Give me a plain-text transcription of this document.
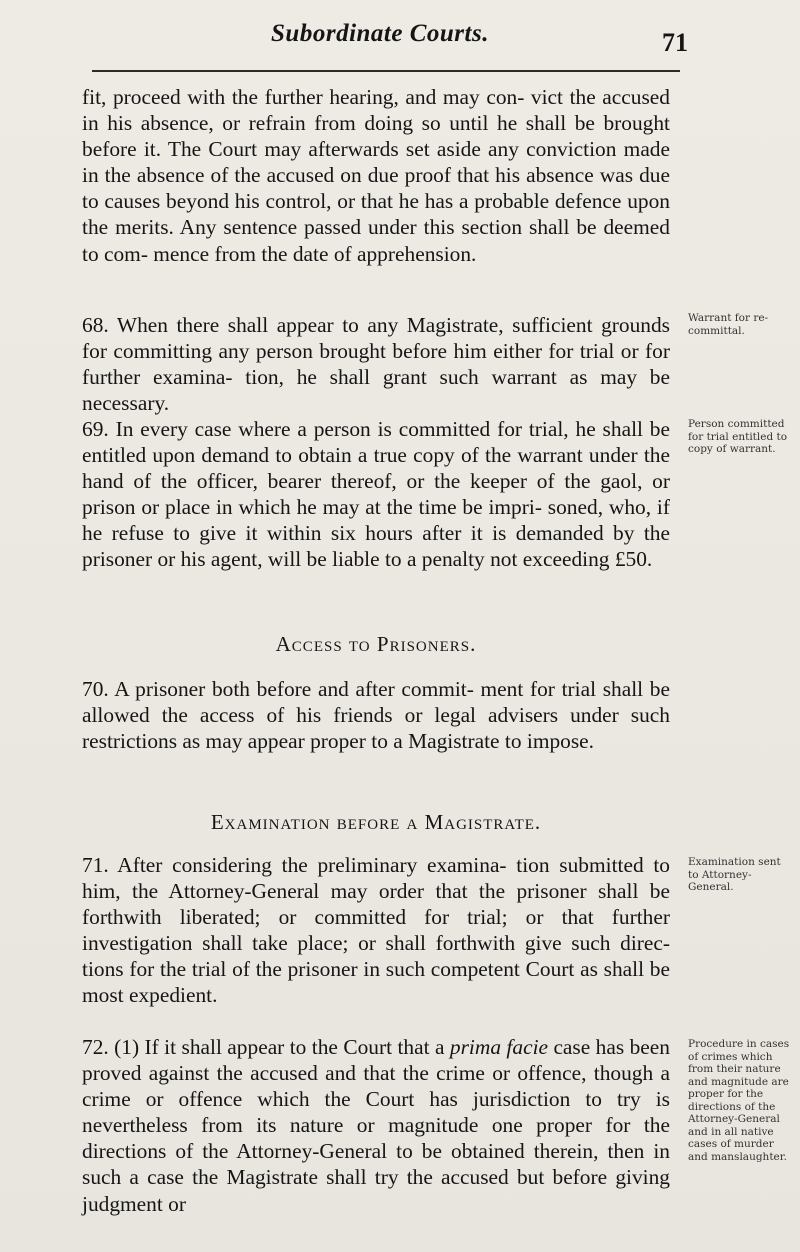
Subordinate Courts.	71

fit, proceed with the further hearing, and may con- vict the accused in his absence, or refrain from doing so until he shall be brought before it. The Court may afterwards set aside any conviction made in the absence of the accused on due proof that his absence was due to causes beyond his control, or that he has a probable defence upon the merits. Any sentence passed under this section shall be deemed to com- mence from the date of apprehension.

68. When there shall appear to any Magistrate, sufficient grounds for committing any person brought before him either for trial or for further examina- tion, he shall grant such warrant as may be necessary.

Warrant for re-committal.

69. In every case where a person is committed for trial, he shall be entitled upon demand to obtain a true copy of the warrant under the hand of the officer, bearer thereof, or the keeper of the gaol, or prison or place in which he may at the time be impri- soned, who, if he refuse to give it within six hours after it is demanded by the prisoner or his agent, will be liable to a penalty not exceeding £50.

Person committed for trial entitled to copy of warrant.

Access to Prisoners.

70. A prisoner both before and after commit- ment for trial shall be allowed the access of his friends or legal advisers under such restrictions as may appear proper to a Magistrate to impose.

Examination before a Magistrate.

71. After considering the preliminary examina- tion submitted to him, the Attorney-General may order that the prisoner shall be forthwith liberated; or committed for trial; or that further investigation shall take place; or shall forthwith give such direc- tions for the trial of the prisoner in such competent Court as shall be most expedient.

Examination sent to Attorney-General.

72. (1) If it shall appear to the Court that a prima facie case has been proved against the accused and that the crime or offence, though a crime or offence which the Court has jurisdiction to try is nevertheless from its nature or magnitude one proper for the directions of the Attorney-General to be obtained therein, then in such a case the Magistrate shall try the accused but before giving judgment or

Procedure in cases of crimes which from their nature and magnitude are proper for the directions of the Attorney-General and in all native cases of murder and manslaughter.
